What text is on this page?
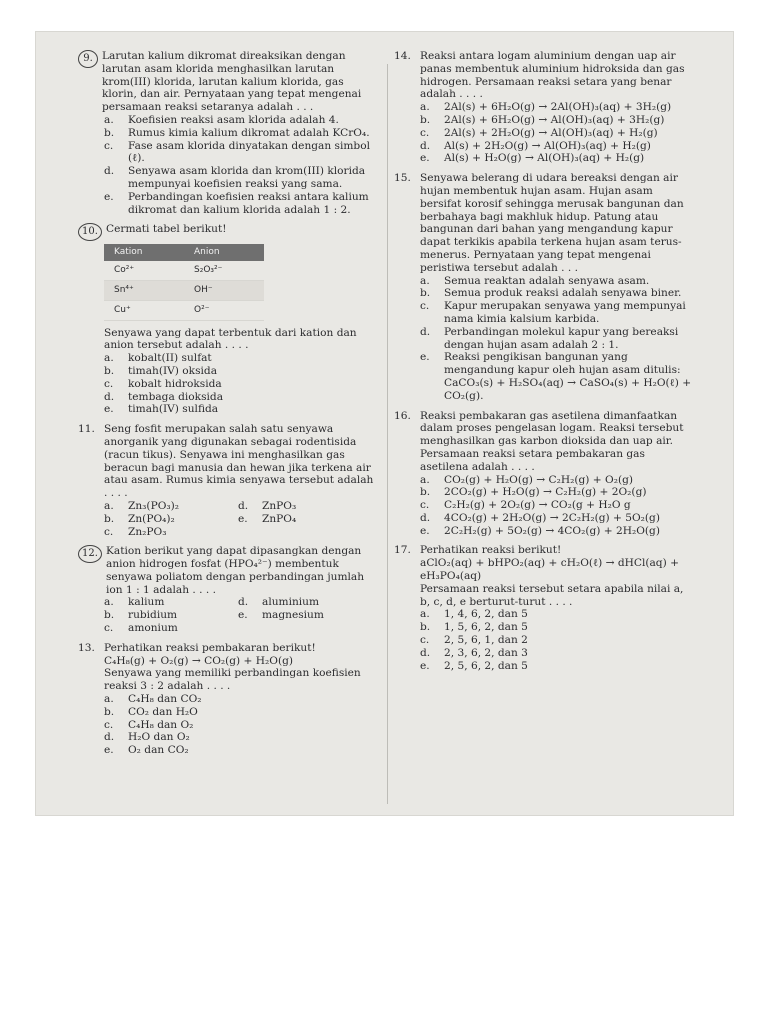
9. Larutan kalium dikromat direaksikan dengan larutan asam klorida menghasilkan larutan krom(III) klorida, larutan kalium klorida, gas klorin, dan air. Pernyataan yang tepat mengenai persamaan reaksi setaranya adalah . . .
a.	Koefisien reaksi asam klorida adalah 4.
b.	Rumus kimia kalium dikromat adalah KCrO₄.
c.	Fase asam klorida dinyatakan dengan simbol (ℓ).
d.	Senyawa asam klorida dan krom(III) klorida mempunyai koefisien reaksi yang sama.
e.	Perbandingan koefisien reaksi antara kalium dikromat dan kalium klorida adalah 1 : 2.
10. Cermati tabel berikut!
Kation	Anion
Co²⁺	S₂O₃²⁻
Sn⁴⁺	OH⁻
Cu⁺	O²⁻
Senyawa yang dapat terbentuk dari kation dan anion tersebut adalah . . . .
a.	kobalt(II) sulfat
b.	timah(IV) oksida
c.	kobalt hidroksida
d.	tembaga dioksida
e.	timah(IV) sulfida
11. Seng fosfit merupakan salah satu senyawa anorganik yang digunakan sebagai rodentisida (racun tikus). Senyawa ini menghasilkan gas beracun bagi manusia dan hewan jika terkena air atau asam. Rumus kimia senyawa tersebut adalah . . . .
a.	Zn₃(PO₃)₂	d.	ZnPO₃
b.	Zn(PO₄)₂	e.	ZnPO₄
c.	Zn₂PO₃
12. Kation berikut yang dapat dipasangkan dengan anion hidrogen fosfat (HPO₄²⁻) membentuk senyawa poliatom dengan perbandingan jumlah ion 1 : 1 adalah . . . .
a.	kalium	d.	aluminium
b.	rubidium	e.	magnesium
c.	amonium
13. Perhatikan reaksi pembakaran berikut!
C₄H₈(g) + O₂(g) → CO₂(g) + H₂O(g)
Senyawa yang memiliki perbandingan koefisien reaksi 3 : 2 adalah . . . .
a.	C₄H₈ dan CO₂
b.	CO₂ dan H₂O
c.	C₄H₈ dan O₂
d.	H₂O dan O₂
e.	O₂ dan CO₂
14. Reaksi antara logam aluminium dengan uap air panas membentuk aluminium hidroksida dan gas hidrogen. Persamaan reaksi setara yang benar adalah . . . .
a.	2Al(s) + 6H₂O(g) → 2Al(OH)₃(aq) + 3H₂(g)
b.	2Al(s) + 6H₂O(g) → Al(OH)₃(aq) + 3H₂(g)
c.	2Al(s) + 2H₂O(g) → Al(OH)₃(aq) + H₂(g)
d.	Al(s) + 2H₂O(g) → Al(OH)₃(aq) + H₂(g)
e.	Al(s) + H₂O(g) → Al(OH)₃(aq) + H₂(g)
15. Senyawa belerang di udara bereaksi dengan air hujan membentuk hujan asam. Hujan asam bersifat korosif sehingga merusak bangunan dan berbahaya bagi makhluk hidup. Patung atau bangunan dari bahan yang mengandung kapur dapat terkikis apabila terkena hujan asam terus-menerus. Pernyataan yang tepat mengenai peristiwa tersebut adalah . . .
a.	Semua reaktan adalah senyawa asam.
b.	Semua produk reaksi adalah senyawa biner.
c.	Kapur merupakan senyawa yang mempunyai nama kimia kalsium karbida.
d.	Perbandingan molekul kapur yang bereaksi dengan hujan asam adalah 2 : 1.
e.	Reaksi pengikisan bangunan yang mengandung kapur oleh hujan asam ditulis: CaCO₃(s) + H₂SO₄(aq) → CaSO₄(s) + H₂O(ℓ) + CO₂(g).
16. Reaksi pembakaran gas asetilena dimanfaatkan dalam proses pengelasan logam. Reaksi tersebut menghasilkan gas karbon dioksida dan uap air. Persamaan reaksi setara pembakaran gas asetilena adalah . . . .
a.	CO₂(g) + H₂O(g) → C₂H₂(g) + O₂(g)
b.	2CO₂(g) + H₂O(g) → C₂H₂(g) + 2O₂(g)
c.	C₂H₂(g) + 2O₂(g) → CO₂(g + H₂O g
d.	4CO₂(g) + 2H₂O(g) → 2C₂H₂(g) + 5O₂(g)
e.	2C₂H₂(g) + 5O₂(g) → 4CO₂(g) + 2H₂O(g)
17. Perhatikan reaksi berikut!
aClO₂(aq) + bHPO₂(aq) + cH₂O(ℓ) → dHCl(aq) + eH₃PO₄(aq)
Persamaan reaksi tersebut setara apabila nilai a, b, c, d, e berturut-turut . . . .
a.	1, 4, 6, 2, dan 5
b.	1, 5, 6, 2, dan 5
c.	2, 5, 6, 1, dan 2
d.	2, 3, 6, 2, dan 3
e.	2, 5, 6, 2, dan 5
